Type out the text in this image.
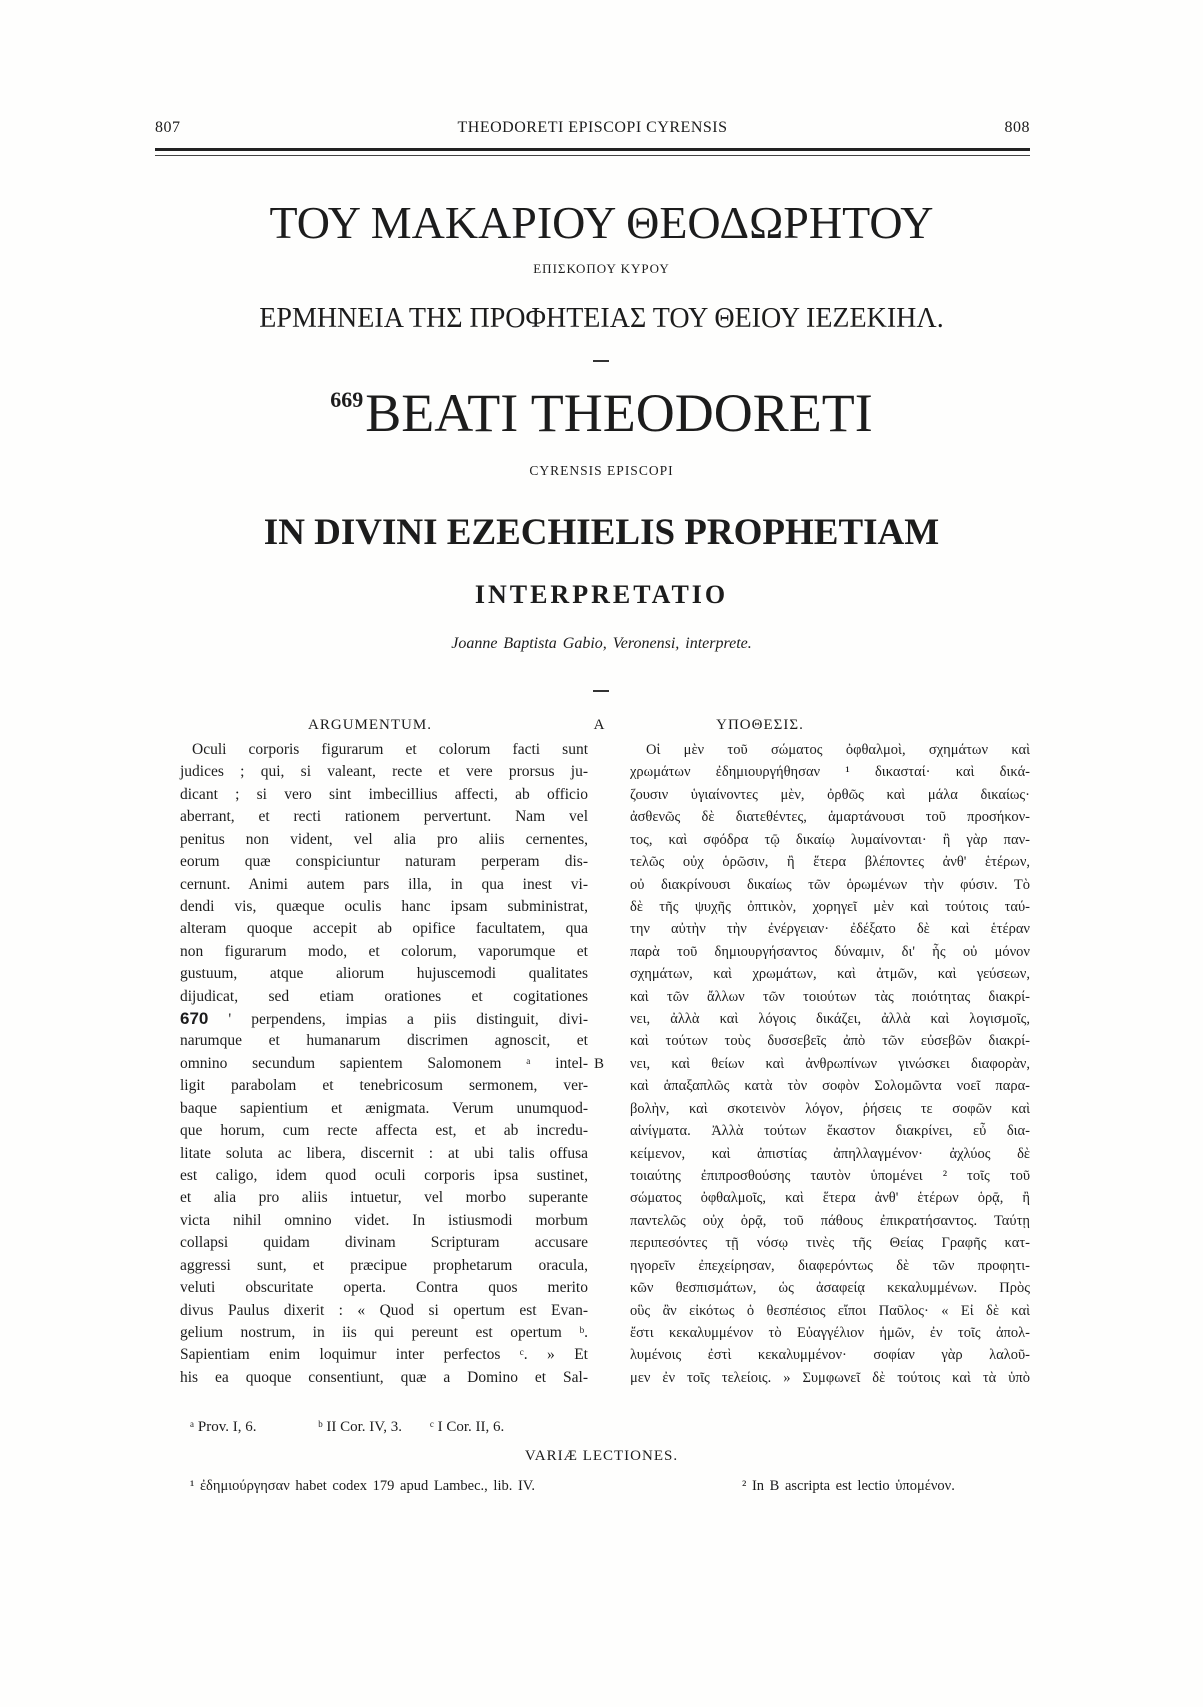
807	THEODORETI EPISCOPI CYRENSIS	808
ΤΟΥ ΜΑΚΑΡΙΟΥ ΘΕΟΔΩΡΗΤΟΥ
ΕΠΙΣΚΟΠΟΥ ΚΥΡΟΥ
ΕΡΜΗΝΕΙΑ ΤΗΣ ΠΡΟΦΗΤΕΙΑΣ ΤΟΥ ΘΕΙΟΥ ΙΕΖΕΚΙΗΛ.
$^{669}$BEATI THEODORETI
CYRENSIS EPISCOPI
IN DIVINI EZECHIELIS PROPHETIAM
INTERPRETATIO
Joanne Baptista Gabio, Veronensi, interprete.
ARGUMENTUM.	A	ΥΠΟΘΕΣΙΣ.
B
Oculi corporis figurarum et colorum facti sunt
judices ; qui, si valeant, recte et vere prorsus ju-
dicant ; si vero sint imbecillius affecti, ab officio
aberrant, et recti rationem pervertunt. Nam vel
penitus non vident, vel alia pro aliis cernentes,
eorum quæ conspiciuntur naturam perperam dis-
cernunt. Animi autem pars illa, in qua inest vi-
dendi vis, quæque oculis hanc ipsam subministrat,
alteram quoque accepit ab opifice facultatem, qua
non figurarum modo, et colorum, vaporumque et
gustuum, atque aliorum hujuscemodi qualitates
dijudicat, sed etiam orationes et cogitationes
670 ' perpendens, impias a piis distinguit, divi-
narumque et humanarum discrimen agnoscit, et
omnino secundum sapientem Salomonem ᵃ intel-
ligit parabolam et tenebricosum sermonem, ver-
baque sapientium et ænigmata. Verum unumquod-
que horum, cum recte affecta est, et ab incredu-
litate soluta ac libera, discernit : at ubi talis offusa
est caligo, idem quod oculi corporis ipsa sustinet,
et alia pro aliis intuetur, vel morbo superante
victa nihil omnino videt. In istiusmodi morbum
collapsi quidam divinam Scripturam accusare
aggressi sunt, et præcipue prophetarum oracula,
veluti obscuritate operta. Contra quos merito
divus Paulus dixerit : « Quod si opertum est Evan-
gelium nostrum, in iis qui pereunt est opertum ᵇ.
Sapientiam enim loquimur inter perfectos ᶜ. » Et
his ea quoque consentiunt, quæ a Domino et Sal-
Οἱ μὲν τοῦ σώματος ὀφθαλμοὶ, σχημάτων καὶ
χρωμάτων ἐδημιουργήθησαν ¹ δικασταί· καὶ δικά-
ζουσιν ὑγιαίνοντες μὲν, ὀρθῶς καὶ μάλα δικαίως·
ἀσθενῶς δὲ διατεθέντες, ἁμαρτάνουσι τοῦ προσήκον-
τος, καὶ σφόδρα τῷ δικαίῳ λυμαίνονται· ἢ γὰρ παν-
τελῶς οὐχ ὁρῶσιν, ἢ ἕτερα βλέποντες ἀνθ' ἑτέρων,
οὐ διακρίνουσι δικαίως τῶν ὁρωμένων τὴν φύσιν. Τὸ
δὲ τῆς ψυχῆς ὀπτικὸν, χορηγεῖ μὲν καὶ τούτοις ταύ-
την αὐτὴν τὴν ἐνέργειαν· ἐδέξατο δὲ καὶ ἑτέραν
παρὰ τοῦ δημιουργήσαντος δύναμιν, δι' ἧς οὐ μόνον
σχημάτων, καὶ χρωμάτων, καὶ ἀτμῶν, καὶ γεύσεων,
καὶ τῶν ἄλλων τῶν τοιούτων τὰς ποιότητας διακρί-
νει, ἀλλὰ καὶ λόγοις δικάζει, ἀλλὰ καὶ λογισμοῖς,
καὶ τούτων τοὺς δυσσεβεῖς ἀπὸ τῶν εὐσεβῶν διακρί-
νει, καὶ θείων καὶ ἀνθρωπίνων γινώσκει διαφορὰν,
καὶ ἁπαξαπλῶς κατὰ τὸν σοφὸν Σολομῶντα νοεῖ παρα-
βολὴν, καὶ σκοτεινὸν λόγον, ῥήσεις τε σοφῶν καὶ
αἰνίγματα. Ἀλλὰ τούτων ἕκαστον διακρίνει, εὖ δια-
κείμενον, καὶ ἀπιστίας ἀπηλλαγμένον· ἀχλύος δὲ
τοιαύτης ἐπιπροσθούσης ταυτὸν ὑπομένει ² τοῖς τοῦ
σώματος ὀφθαλμοῖς, καὶ ἕτερα ἀνθ' ἑτέρων ὁρᾷ, ἢ
παντελῶς οὐχ ὁρᾷ, τοῦ πάθους ἐπικρατήσαντος. Ταύτῃ
περιπεσόντες τῇ νόσῳ τινὲς τῆς Θείας Γραφῆς κατ-
ηγορεῖν ἐπεχείρησαν, διαφερόντως δὲ τῶν προφητι-
κῶν θεσπισμάτων, ὡς ἀσαφείᾳ κεκαλυμμένων. Πρὸς
οὓς ἂν εἰκότως ὁ θεσπέσιος εἴποι Παῦλος· « Εἰ δὲ καὶ
ἔστι κεκαλυμμένον τὸ Εὐαγγέλιον ἡμῶν, ἐν τοῖς ἀπολ-
λυμένοις ἐστὶ κεκαλυμμένον· σοφίαν γὰρ λαλοῦ-
μεν ἐν τοῖς τελείοις. » Συμφωνεῖ δὲ τούτοις καὶ τὰ ὑπὸ
ᵃ Prov. I, 6.	ᵇ II Cor. IV, 3. ᶜ I Cor. II, 6.
VARIÆ LECTIONES.
¹ ἐδημιούργησαν habet codex 179 apud Lambec., lib. IV.	² In B ascripta est lectio ὑπομένον.
